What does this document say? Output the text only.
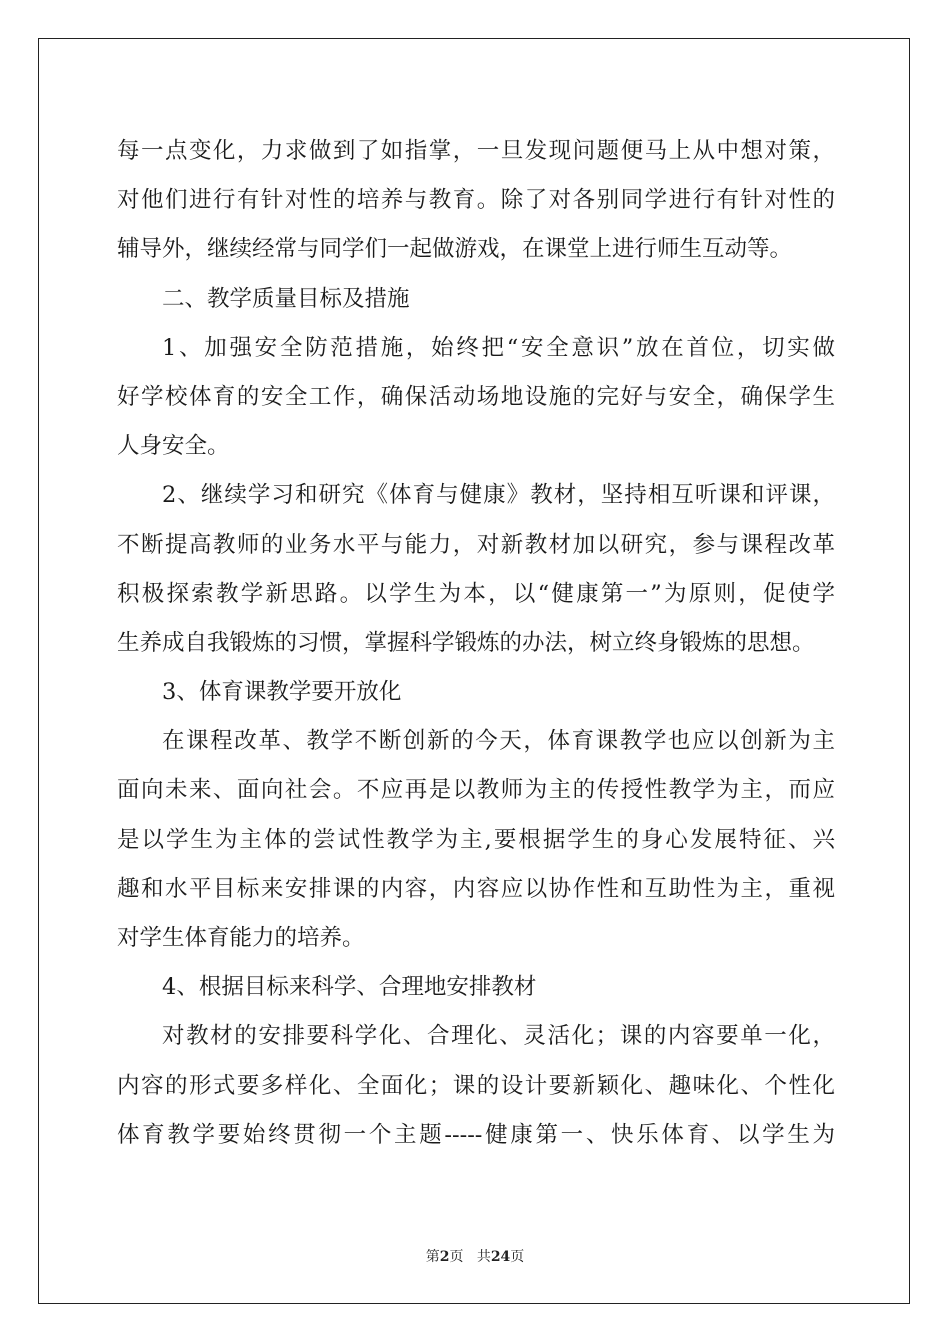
每一点变化，力求做到了如指掌，一旦发现问题便马上从中想对策，
对他们进行有针对性的培养与教育。除了对各别同学进行有针对性的
辅导外，继续经常与同学们一起做游戏，在课堂上进行师生互动等。
二、教学质量目标及措施
1、加强安全防范措施，始终把“安全意识”放在首位，切实做
好学校体育的安全工作，确保活动场地设施的完好与安全，确保学生
人身安全。
2、继续学习和研究《体育与健康》教材，坚持相互听课和评课，
不断提高教师的业务水平与能力，对新教材加以研究，参与课程改革
积极探索教学新思路。以学生为本，以“健康第一”为原则，促使学
生养成自我锻炼的习惯，掌握科学锻炼的办法，树立终身锻炼的思想。
3、体育课教学要开放化
在课程改革、教学不断创新的今天，体育课教学也应以创新为主
面向未来、面向社会。不应再是以教师为主的传授性教学为主，而应
是以学生为主体的尝试性教学为主,要根据学生的身心发展特征、兴
趣和水平目标来安排课的内容，内容应以协作性和互助性为主，重视
对学生体育能力的培养。
4、根据目标来科学、合理地安排教材
对教材的安排要科学化、合理化、灵活化；课的内容要单一化，
内容的形式要多样化、全面化；课的设计要新颖化、趣味化、个性化
体育教学要始终贯彻一个主题-----健康第一、快乐体育、以学生为
第2页 共24页
